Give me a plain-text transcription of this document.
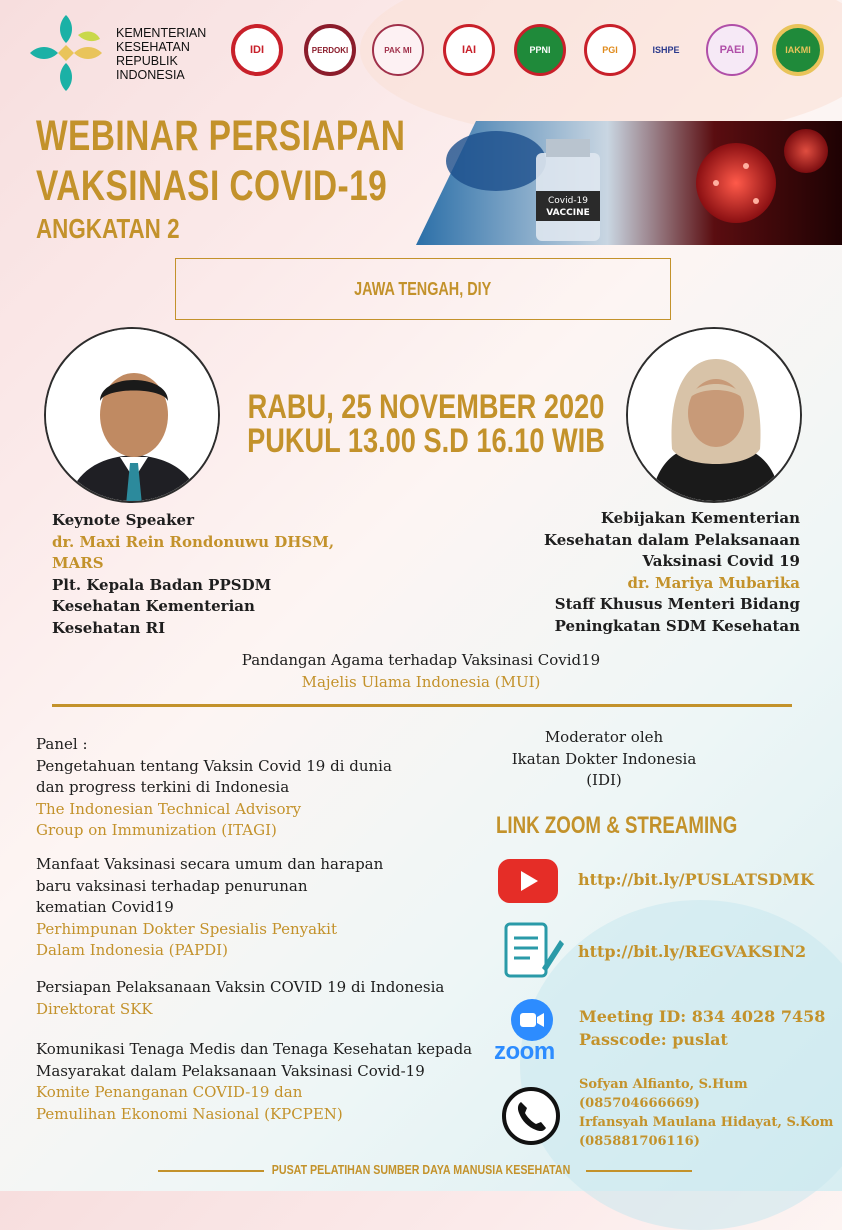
KEMENTERIAN
KESEHATAN
REPUBLIK
INDONESIA
IDI	PERDOKI	PAK MI	IAI	PPNI	PGI	ISHPE	PAEI	IAKMI
WEBINAR PERSIAPAN
VAKSINASI COVID-19
ANGKATAN 2
Covid-19
VACCINE
JAWA TENGAH, DIY
RABU, 25 NOVEMBER 2020
PUKUL 13.00 S.D 16.10 WIB
Keynote Speaker
dr. Maxi Rein Rondonuwu DHSM,
MARS
Plt. Kepala Badan PPSDM
Kesehatan Kementerian
Kesehatan RI
Kebijakan Kementerian
Kesehatan dalam Pelaksanaan
Vaksinasi Covid 19
dr. Mariya Mubarika
Staff Khusus Menteri Bidang
Peningkatan SDM Kesehatan
Pandangan Agama terhadap Vaksinasi Covid19
Majelis Ulama Indonesia (MUI)
Panel :
Pengetahuan tentang Vaksin Covid 19 di dunia
dan progress terkini di Indonesia
The Indonesian Technical Advisory
Group on Immunization (ITAGI)
Manfaat Vaksinasi secara umum dan harapan
baru vaksinasi terhadap penurunan
kematian Covid19
Perhimpunan Dokter Spesialis Penyakit
Dalam Indonesia (PAPDI)
Persiapan Pelaksanaan Vaksin COVID 19 di Indonesia
Direktorat SKK
Komunikasi Tenaga Medis dan Tenaga Kesehatan kepada
Masyarakat dalam Pelaksanaan Vaksinasi Covid-19
Komite Penanganan COVID-19 dan
Pemulihan Ekonomi Nasional (KPCPEN)
Moderator oleh
Ikatan Dokter Indonesia
(IDI)
LINK ZOOM & STREAMING
http://bit.ly/PUSLATSDMK
http://bit.ly/REGVAKSIN2
zoom
Meeting ID: 834 4028 7458
Passcode: puslat
Sofyan Alfianto, S.Hum
(085704666669)
Irfansyah Maulana Hidayat, S.Kom
(085881706116)
PUSAT PELATIHAN SUMBER DAYA MANUSIA KESEHATAN
